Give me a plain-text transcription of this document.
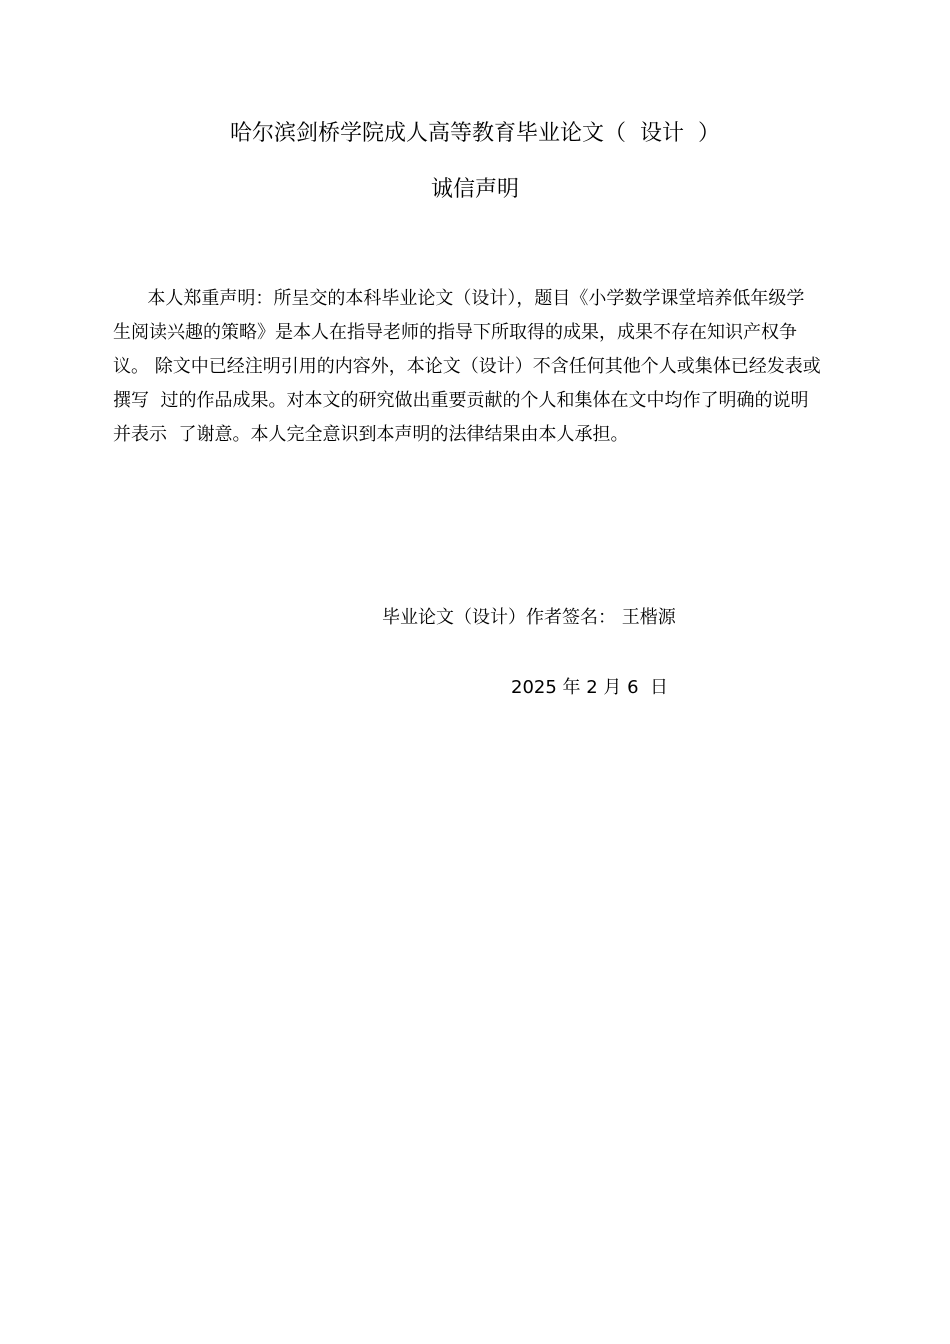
哈尔滨剑桥学院成人高等教育毕业论文（  设计  ）
诚信声明
本人郑重声明：所呈交的本科毕业论文（设计），题目《小学数学课堂培养低年级学
生阅读兴趣的策略》是本人在指导老师的指导下所取得的成果，成果不存在知识产权争
议。 除文中已经注明引用的内容外，本论文（设计）不含任何其他个人或集体已经发表或
撰写  过的作品成果。对本文的研究做出重要贡献的个人和集体在文中均作了明确的说明
并表示  了谢意。本人完全意识到本声明的法律结果由本人承担。
毕业论文（设计）作者签名： 王楷源
2025 年 2 月 6  日
